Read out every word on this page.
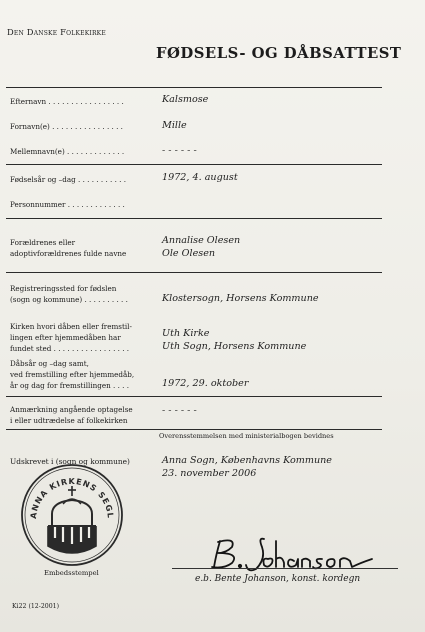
Den Danske Folkekirke
FØDSELS- OG DÅBSATTEST
Efternavn . . . . . . . . . . . . . . . . .	Kalsmose
Fornavn(e) . . . . . . . . . . . . . . . .	Mille
Mellemnavn(e) . . . . . . . . . . . . .	- - - - - -
Fødselsår og –dag . . . . . . . . . . .	1972, 4. august
Personnummer . . . . . . . . . . . . .
Forældrenes eller
adoptivforældrenes fulde navne
Annalise Olesen
Ole Olesen
Registreringssted for fødslen
(sogn og kommune) . . . . . . . . . .	Klostersogn, Horsens Kommune
Kirken hvori dåben eller fremstil-
lingen efter hjemmedåben har
fundet sted . . . . . . . . . . . . . . . . .
Uth Kirke
Uth Sogn, Horsens Kommune
Dåbsår og –dag samt,
ved fremstilling efter hjemmedåb,
år og dag for fremstillingen . . . .	1972, 29. oktober
Anmærkning angående optagelse
i eller udtrædelse af folkekirken
- - - - - -
Overensstemmelsen med ministerialbogen bevidnes
Udskrevet i (sogn og kommune)	Anna Sogn, Københavns Kommune
23. november 2006
ANNA KIRKENS SEGL
Embedsstempel
e.b. Bente Johanson, konst. kordegn
Ki22 (12-2001)
